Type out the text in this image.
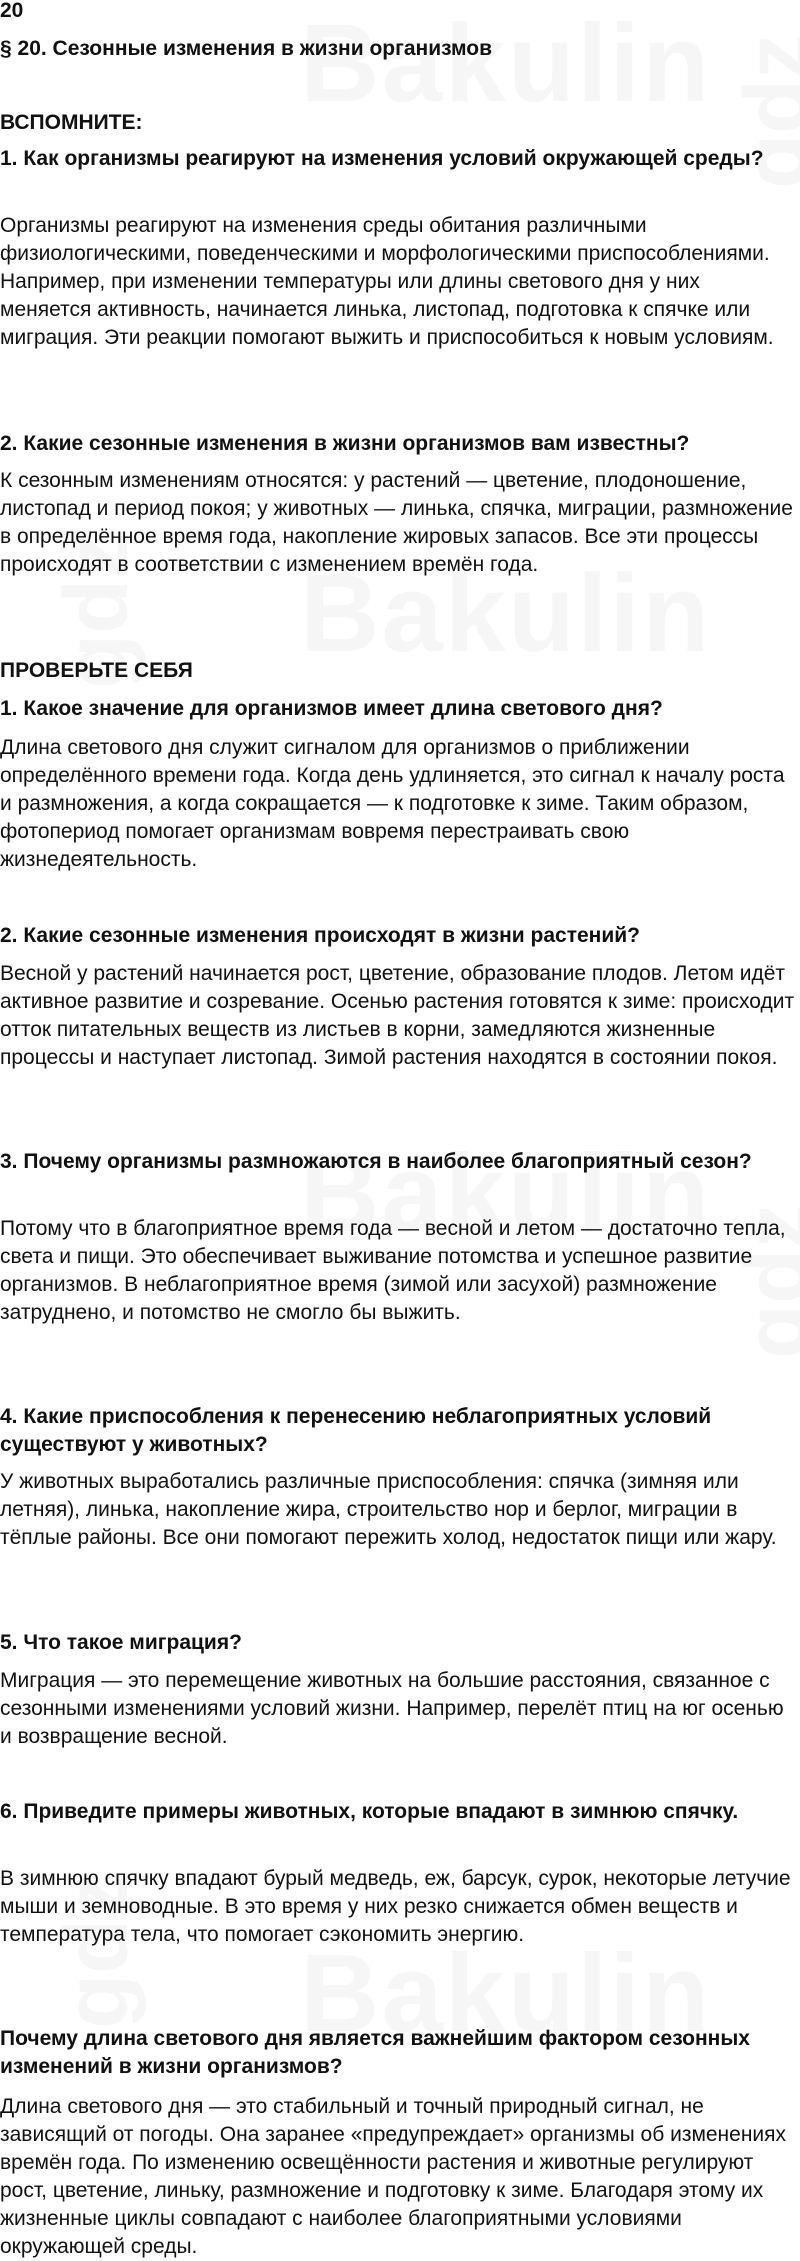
20
§ 20. Сезонные изменения в жизни организмов
ВСПОМНИТЕ:

1. Как организмы реагируют на изменения условий окружающей среды?

Организмы реагируют на изменения среды обитания различными физиологическими, поведенческими и морфологическими приспособлениями. Например, при изменении температуры или длины светового дня у них меняется активность, начинается линька, листопад, подготовка к спячке или миграция. Эти реакции помогают выжить и приспособиться к новым условиям.

2. Какие сезонные изменения в жизни организмов вам известны?

К сезонным изменениям относятся: у растений — цветение, плодоношение, листопад и период покоя; у животных — линька, спячка, миграции, размножение в определённое время года, накопление жировых запасов. Все эти процессы происходят в соответствии с изменением времён года.

ПРОВЕРЬТЕ СЕБЯ

1. Какое значение для организмов имеет длина светового дня?

Длина светового дня служит сигналом для организмов о приближении определённого времени года. Когда день удлиняется, это сигнал к началу роста и размножения, а когда сокращается — к подготовке к зиме. Таким образом, фотопериод помогает организмам вовремя перестраивать свою жизнедеятельность.

2. Какие сезонные изменения происходят в жизни растений?

Весной у растений начинается рост, цветение, образование плодов. Летом идёт активное развитие и созревание. Осенью растения готовятся к зиме: происходит отток питательных веществ из листьев в корни, замедляются жизненные процессы и наступает листопад. Зимой растения находятся в состоянии покоя.

3. Почему организмы размножаются в наиболее благоприятный сезон?

Потому что в благоприятное время года — весной и летом — достаточно тепла, света и пищи. Это обеспечивает выживание потомства и успешное развитие организмов. В неблагоприятное время (зимой или засухой) размножение затруднено, и потомство не смогло бы выжить.

4. Какие приспособления к перенесению неблагоприятных условий существуют у животных?

У животных выработались различные приспособления: спячка (зимняя или летняя), линька, накопление жира, строительство нор и берлог, миграции в тёплые районы. Все они помогают пережить холод, недостаток пищи или жару.

5. Что такое миграция?

Миграция — это перемещение животных на большие расстояния, связанное с сезонными изменениями условий жизни. Например, перелёт птиц на юг осенью и возвращение весной.

6. Приведите примеры животных, которые впадают в зимнюю спячку.

В зимнюю спячку впадают бурый медведь, еж, барсук, сурок, некоторые летучие мыши и земноводные. В это время у них резко снижается обмен веществ и температура тела, что помогает сэкономить энергию.

Почему длина светового дня является важнейшим фактором сезонных изменений в жизни организмов?

Длина светового дня — это стабильный и точный природный сигнал, не зависящий от погоды. Она заранее «предупреждает» организмы об изменениях времён года. По изменению освещённости растения и животные регулируют рост, цветение, линьку, размножение и подготовку к зиме. Благодаря этому их жизненные циклы совпадают с наиболее благоприятными условиями окружающей среды.
